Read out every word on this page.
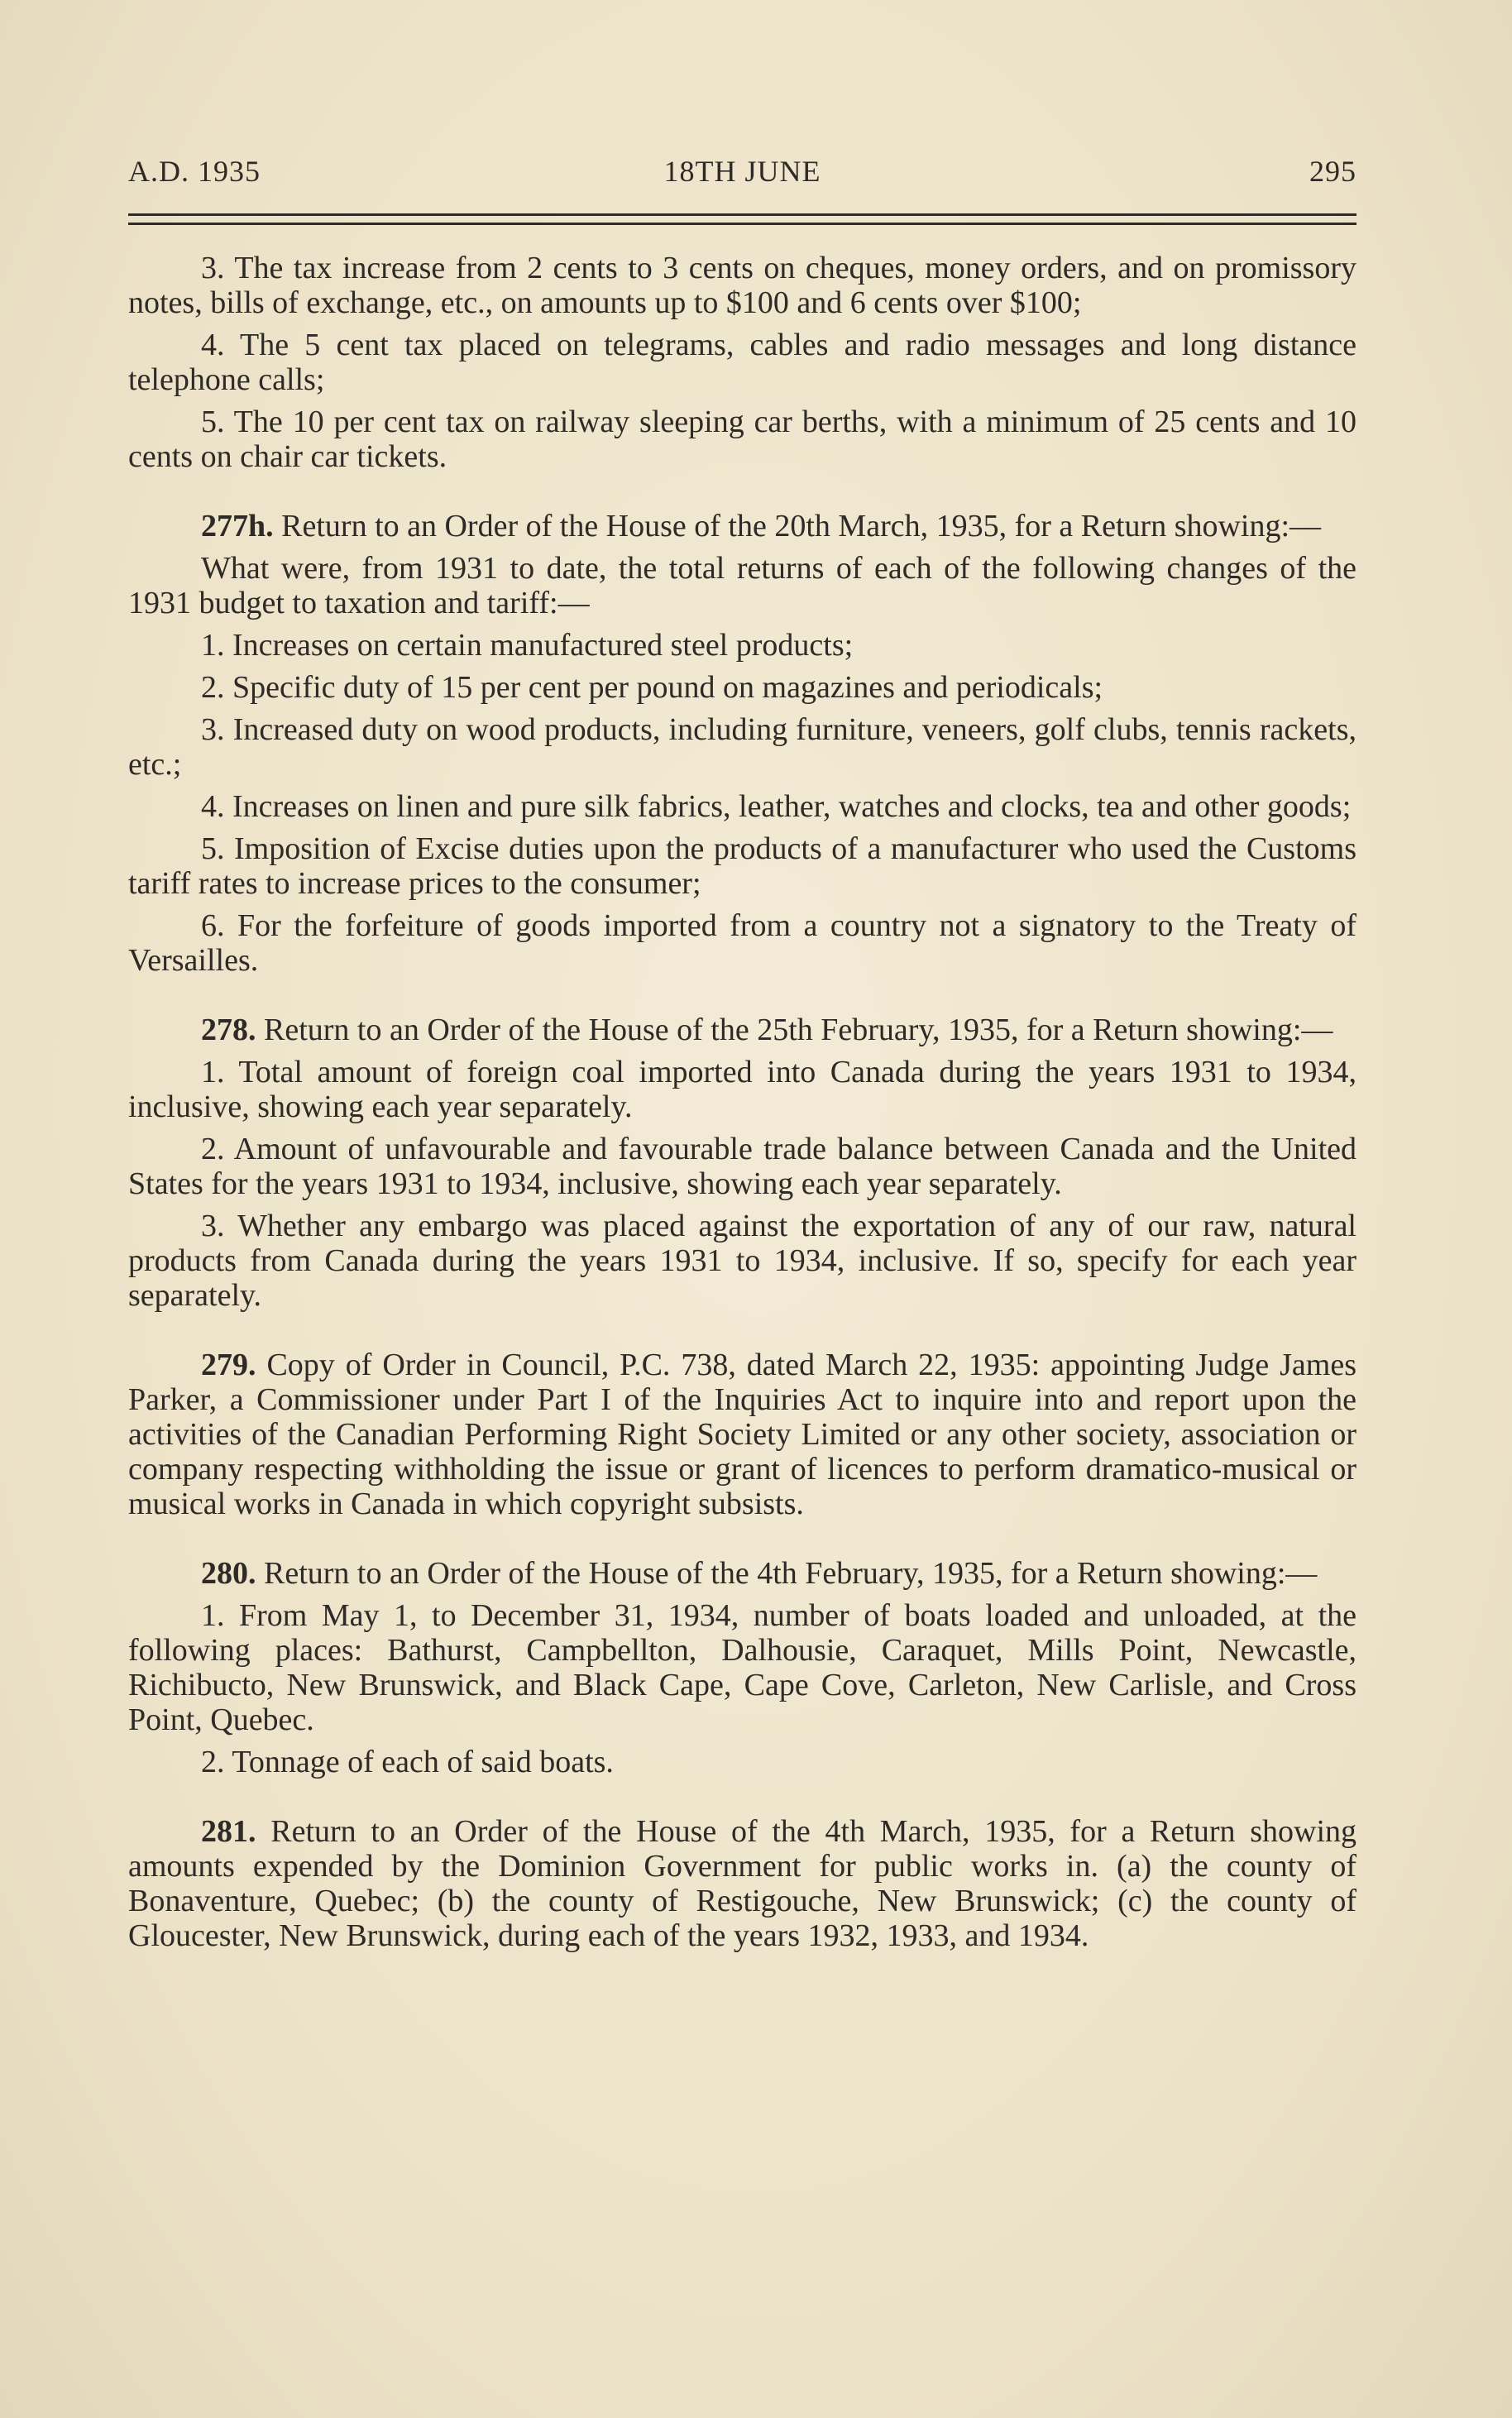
A.D. 1935	18TH JUNE	295

3. The tax increase from 2 cents to 3 cents on cheques, money orders, and on promissory notes, bills of exchange, etc., on amounts up to $100 and 6 cents over $100;

4. The 5 cent tax placed on telegrams, cables and radio messages and long distance telephone calls;

5. The 10 per cent tax on railway sleeping car berths, with a minimum of 25 cents and 10 cents on chair car tickets.

277h. Return to an Order of the House of the 20th March, 1935, for a Return showing:—

What were, from 1931 to date, the total returns of each of the following changes of the 1931 budget to taxation and tariff:—

1. Increases on certain manufactured steel products;

2. Specific duty of 15 per cent per pound on magazines and periodicals;

3. Increased duty on wood products, including furniture, veneers, golf clubs, tennis rackets, etc.;

4. Increases on linen and pure silk fabrics, leather, watches and clocks, tea and other goods;

5. Imposition of Excise duties upon the products of a manufacturer who used the Customs tariff rates to increase prices to the consumer;

6. For the forfeiture of goods imported from a country not a signatory to the Treaty of Versailles.

278. Return to an Order of the House of the 25th February, 1935, for a Return showing:—

1. Total amount of foreign coal imported into Canada during the years 1931 to 1934, inclusive, showing each year separately.

2. Amount of unfavourable and favourable trade balance between Canada and the United States for the years 1931 to 1934, inclusive, showing each year separately.

3. Whether any embargo was placed against the exportation of any of our raw, natural products from Canada during the years 1931 to 1934, inclusive. If so, specify for each year separately.

279. Copy of Order in Council, P.C. 738, dated March 22, 1935: appointing Judge James Parker, a Commissioner under Part I of the Inquiries Act to inquire into and report upon the activities of the Canadian Performing Right Society Limited or any other society, association or company respecting withholding the issue or grant of licences to perform dramatico-musical or musical works in Canada in which copyright subsists.

280. Return to an Order of the House of the 4th February, 1935, for a Return showing:—

1. From May 1, to December 31, 1934, number of boats loaded and unloaded, at the following places: Bathurst, Campbellton, Dalhousie, Caraquet, Mills Point, Newcastle, Richibucto, New Brunswick, and Black Cape, Cape Cove, Carleton, New Carlisle, and Cross Point, Quebec.

2. Tonnage of each of said boats.

281. Return to an Order of the House of the 4th March, 1935, for a Return showing amounts expended by the Dominion Government for public works in. (a) the county of Bonaventure, Quebec; (b) the county of Restigouche, New Brunswick; (c) the county of Gloucester, New Brunswick, during each of the years 1932, 1933, and 1934.
